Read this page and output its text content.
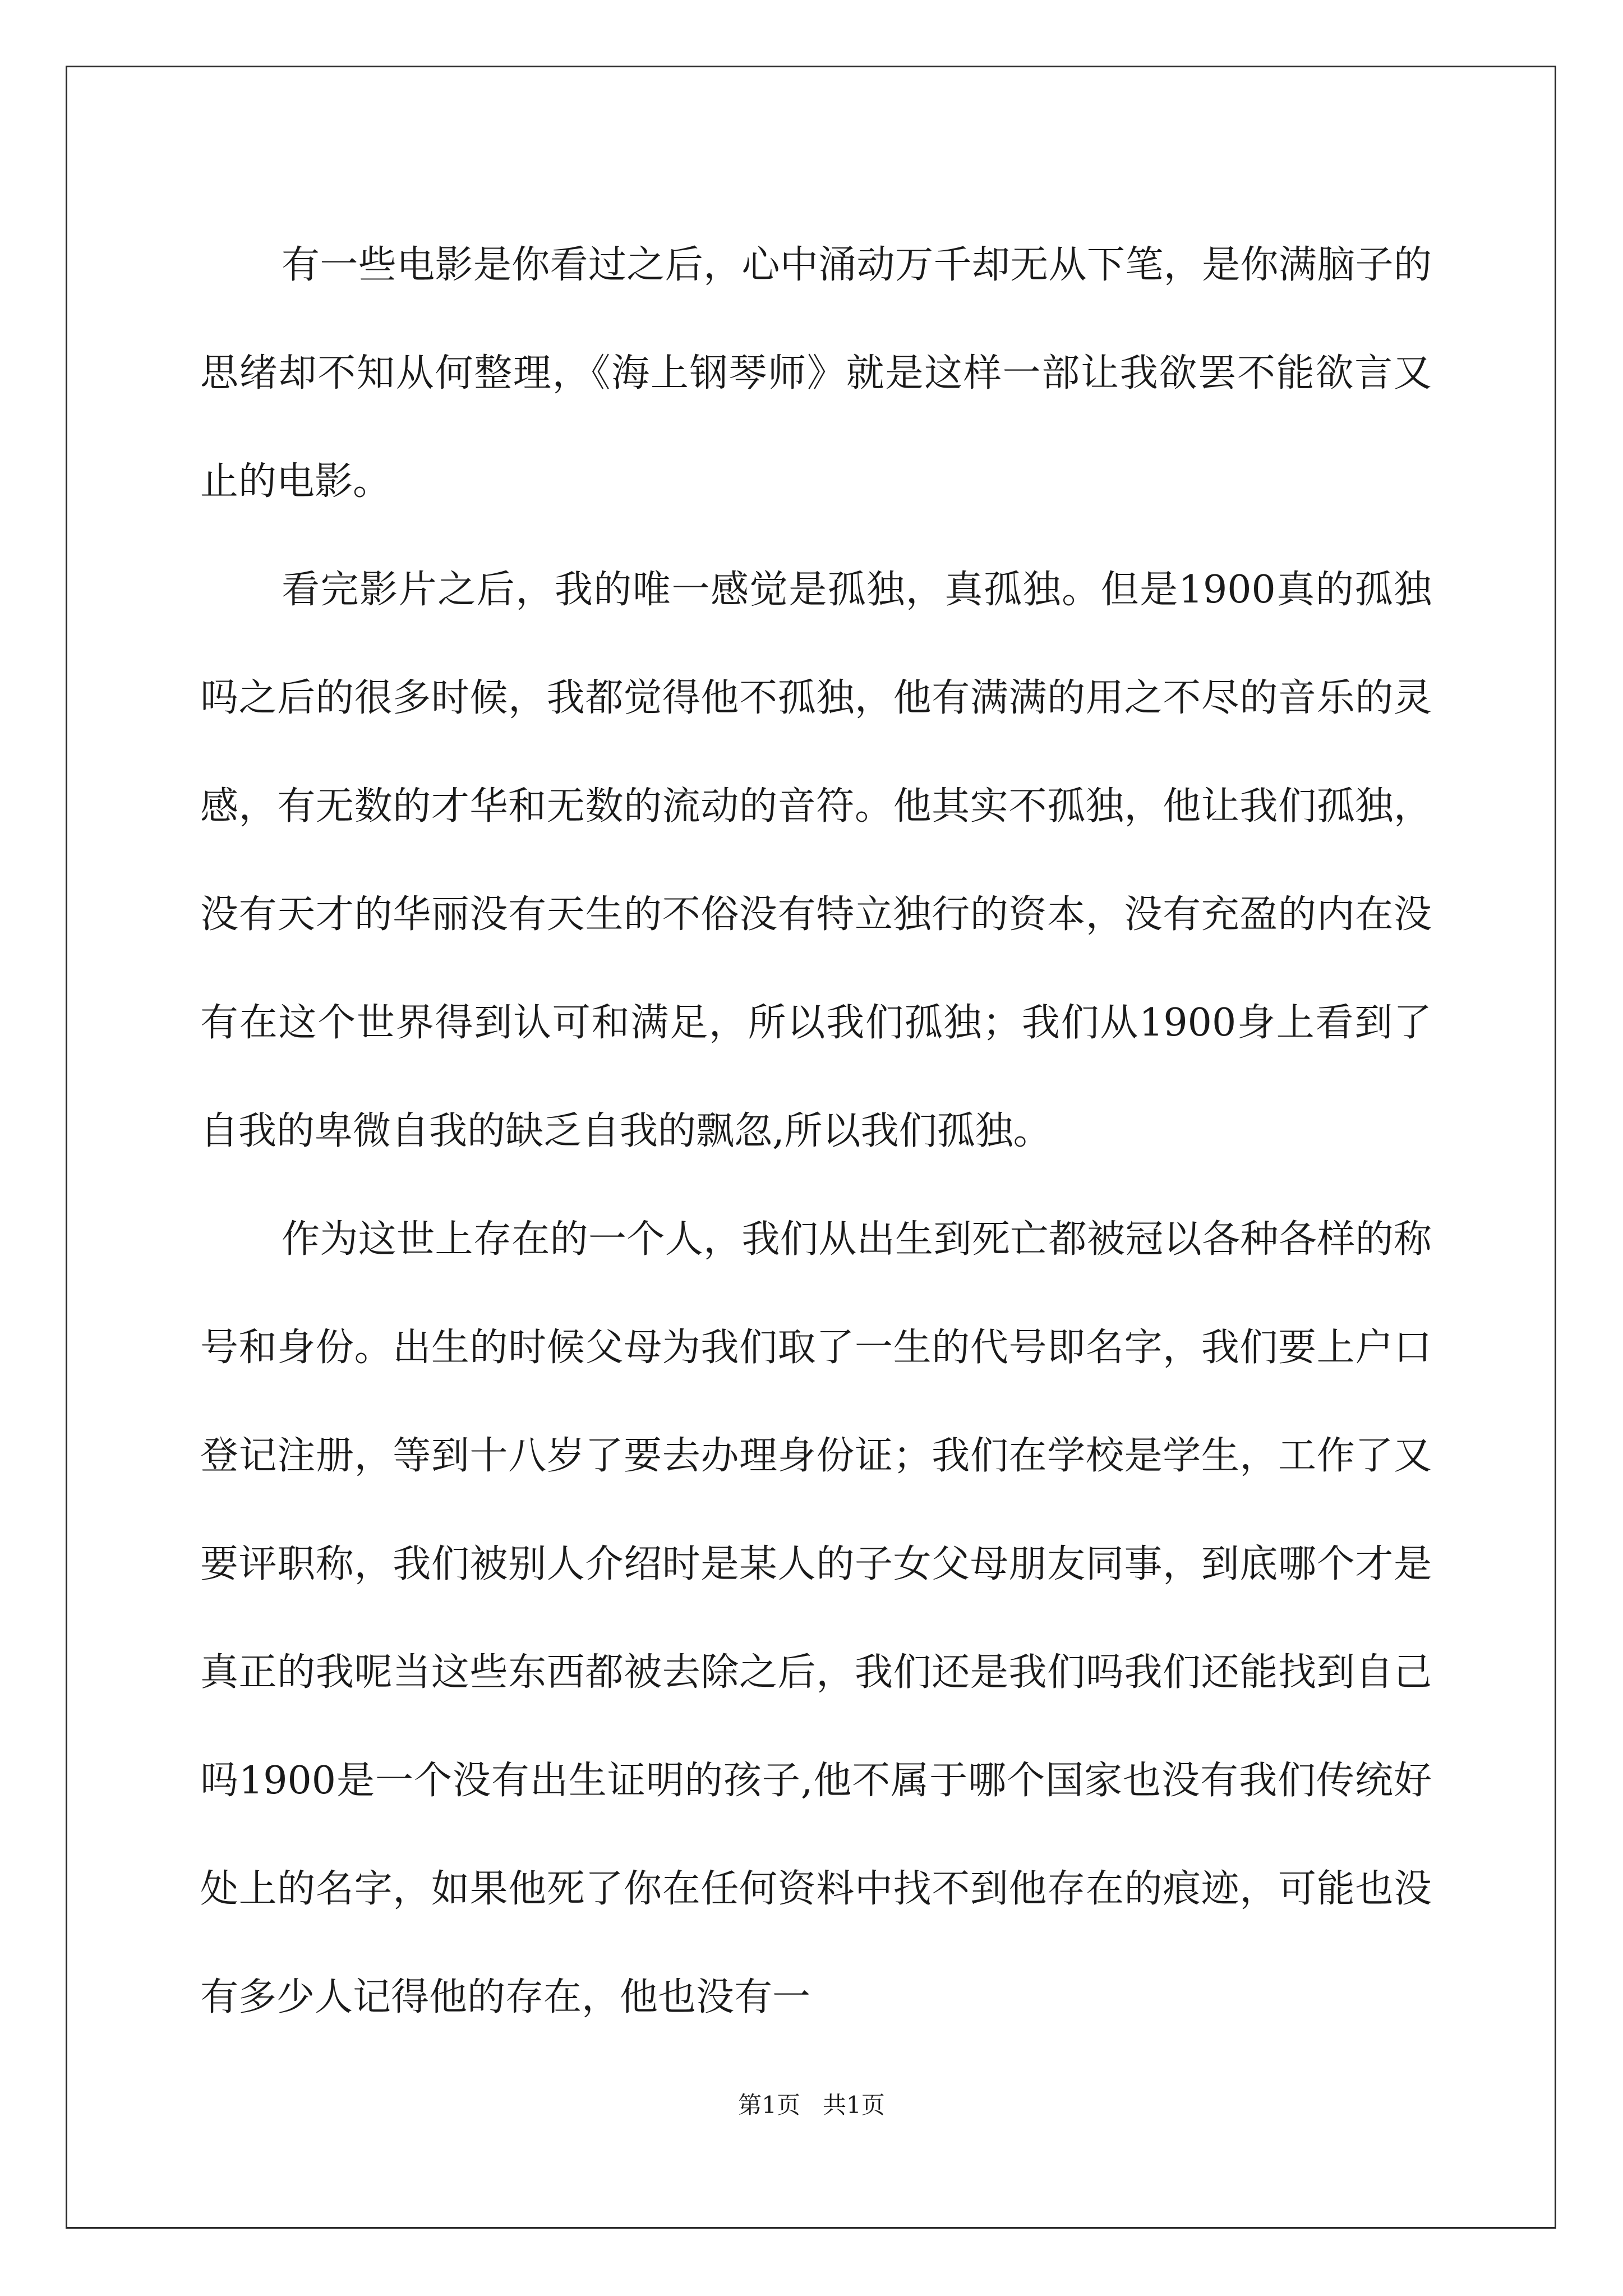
有一些电影是你看过之后，心中涌动万千却无从下笔，是你满脑子的思绪却不知从何整理，《海上钢琴师》就是这样一部让我欲罢不能欲言又止的电影。

看完影片之后，我的唯一感觉是孤独，真孤独。但是1900真的孤独吗之后的很多时候，我都觉得他不孤独，他有满满的用之不尽的音乐的灵感，有无数的才华和无数的流动的音符。他其实不孤独，他让我们孤独，没有天才的华丽没有天生的不俗没有特立独行的资本，没有充盈的内在没有在这个世界得到认可和满足，所以我们孤独；我们从1900身上看到了自我的卑微自我的缺乏自我的飘忽,所以我们孤独。

作为这世上存在的一个人，我们从出生到死亡都被冠以各种各样的称号和身份。出生的时候父母为我们取了一生的代号即名字，我们要上户口登记注册，等到十八岁了要去办理身份证；我们在学校是学生，工作了又要评职称，我们被别人介绍时是某人的子女父母朋友同事，到底哪个才是真正的我呢当这些东西都被去除之后，我们还是我们吗我们还能找到自己吗1900是一个没有出生证明的孩子,他不属于哪个国家也没有我们传统好处上的名字，如果他死了你在任何资料中找不到他存在的痕迹，可能也没有多少人记得他的存在，他也没有一

第1页   共1页
